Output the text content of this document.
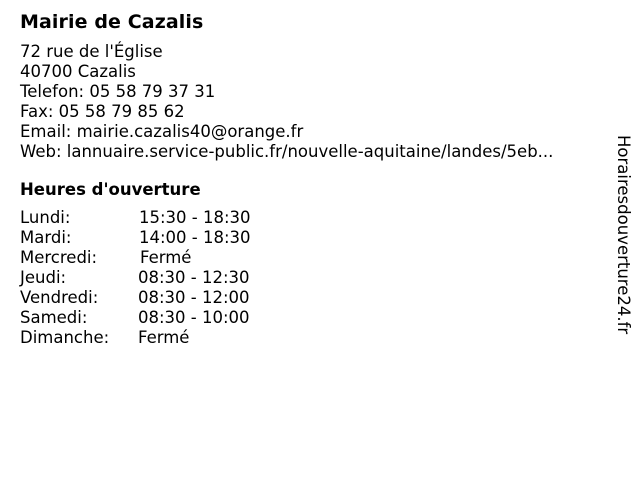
Mairie de Cazalis
72 rue de l'Église
40700 Cazalis
Telefon: 05 58 79 37 31
Fax: 05 58 79 85 62
Email: mairie.cazalis40@orange.fr
Web: lannuaire.service-public.fr/nouvelle-aquitaine/landes/5eb...
Heures d'ouverture
Lundi:	15:30 - 18:30
Mardi:	14:00 - 18:30
Mercredi:	Fermé
Jeudi:	08:30 - 12:30
Vendredi: 08:30 - 12:00
Samedi:	08:30 - 10:00
Dimanche: Fermé
Horairesdouverture24.fr
